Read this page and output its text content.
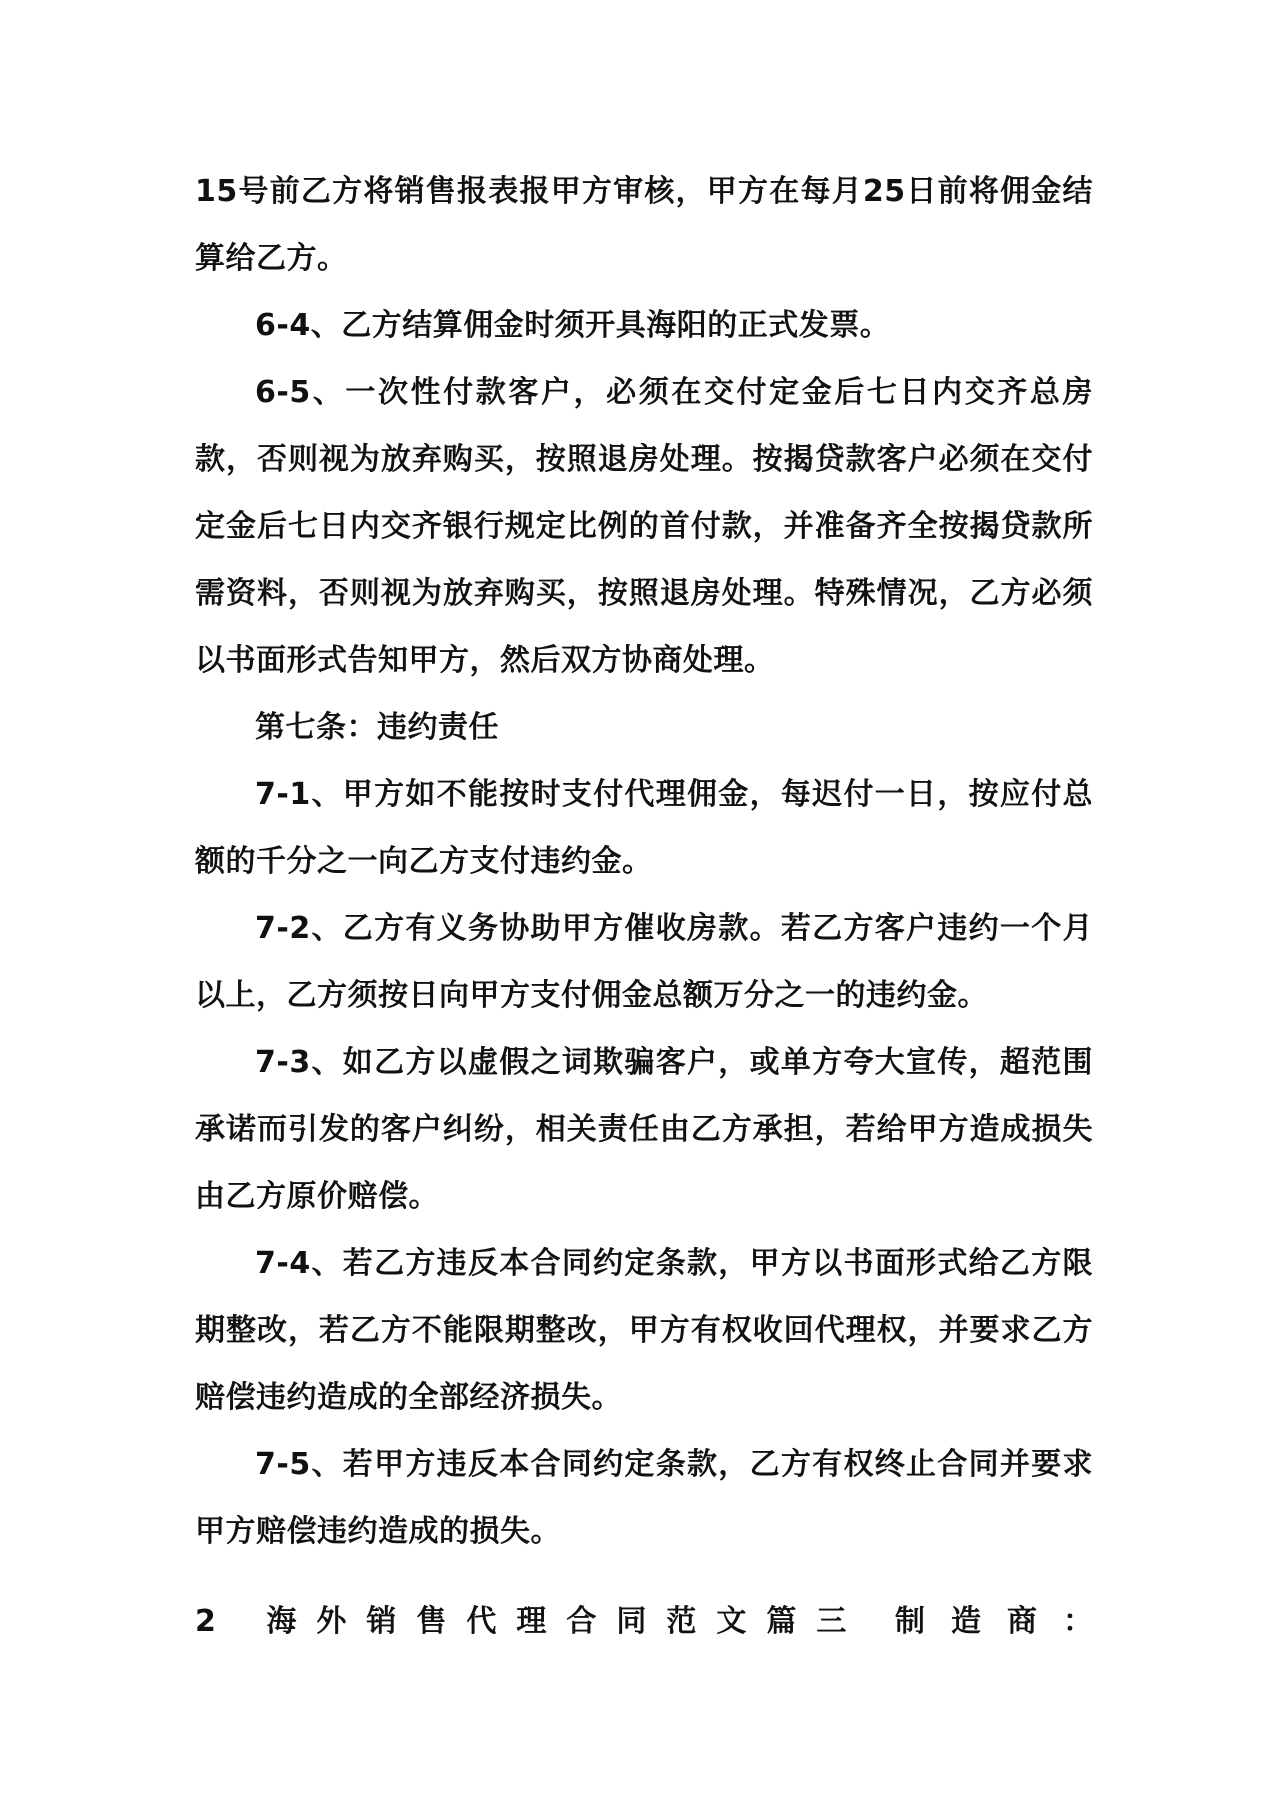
15号前乙方将销售报表报甲方审核，甲方在每月25日前将佣金结算给乙方。

6-4、乙方结算佣金时须开具海阳的正式发票。

6-5、一次性付款客户，必须在交付定金后七日内交齐总房款，否则视为放弃购买，按照退房处理。按揭贷款客户必须在交付定金后七日内交齐银行规定比例的首付款，并准备齐全按揭贷款所需资料，否则视为放弃购买，按照退房处理。特殊情况，乙方必须以书面形式告知甲方，然后双方协商处理。

第七条：违约责任

7-1、甲方如不能按时支付代理佣金，每迟付一日，按应付总额的千分之一向乙方支付违约金。

7-2、乙方有义务协助甲方催收房款。若乙方客户违约一个月以上，乙方须按日向甲方支付佣金总额万分之一的违约金。

7-3、如乙方以虚假之词欺骗客户，或单方夸大宣传，超范围承诺而引发的客户纠纷，相关责任由乙方承担，若给甲方造成损失由乙方原价赔偿。

7-4、若乙方违反本合同约定条款，甲方以书面形式给乙方限期整改，若乙方不能限期整改，甲方有权收回代理权，并要求乙方赔偿违约造成的全部经济损失。

7-5、若甲方违反本合同约定条款，乙方有权终止合同并要求甲方赔偿违约造成的损失。

2 海外销售代理合同范文篇三 制造商：
